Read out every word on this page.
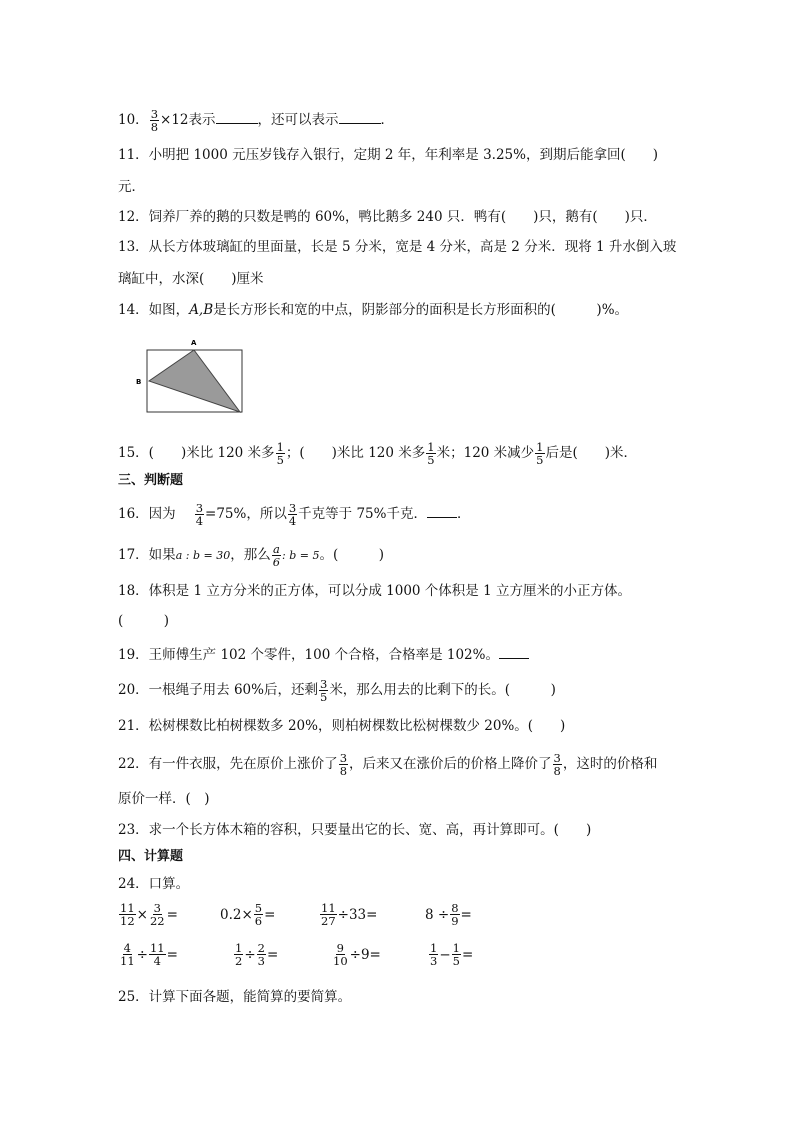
10． $\frac{3}{8} \times 12$表示	，还可以表示	．
11．小明把 1000 元压岁钱存入银行，定期 2 年，年利率是 3.25%，到期后能拿回(　　)
元．
12．饲养厂养的鹅的只数是鸭的 60%，鸭比鹅多 240 只．鸭有(　　)只，鹅有(　　)只．
13．从长方体玻璃缸的里面量，长是 5 分米，宽是 4 分米，高是 2 分米．现将 1 升水倒入玻
璃缸中，水深(　　)厘米
14．如图，A,B是长方形长和宽的中点，阴影部分的面积是长方形面积的(　　　)%。
A
B
15．(　　)米比 120 米多 $\frac{1}{5}$ ；(　　)米比 120 米多 $\frac{1}{5}$ 米；120 米减少 $\frac{1}{5}$ 后是(　　)米．
三、判断题
16．因为 $\frac{3}{4} =75\%$，所以 $\frac{3}{4}$ 千克等于 75%千克． ．
17．如果a : b = 30，那么 $\frac{a}{6}$ : b = 5。(　　　)
18．体积是 1 立方分米的正方体，可以分成 1000 个体积是 1 立方厘米的小正方体。
(　　　)
19．王师傅生产 102 个零件，100 个合格，合格率是 102%。
20．一根绳子用去 60%后，还剩 $\frac{3}{5}$ 米，那么用去的比剩下的长。(　　　)
21．松树棵数比柏树棵数多 20%，则柏树棵数比松树棵数少 20%。(　　)
22．有一件衣服，先在原价上涨价了 $\frac{3}{8}$ ，后来又在涨价后的价格上降价了 $\frac{3}{8}$ ，这时的价格和
原价一样．(　)
23．求一个长方体木箱的容积，只要量出它的长、宽、高，再计算即可。(　　)
四、计算题
24．口算。
$\frac{11}{12} \times \frac{3}{22}$ =	$0.2\times \frac{5}{6}$ =	$\frac{11}{27} \div 33$ =	$8 \div \frac{8}{9}$ =
$\frac{4}{11} \div \frac{11}{4}$ =	$\frac{1}{2} \div \frac{2}{3}$ =	$\frac{9}{10} \div 9$ =	$\frac{1}{3} - \frac{1}{5}$ =
25．计算下面各题，能简算的要简算。
